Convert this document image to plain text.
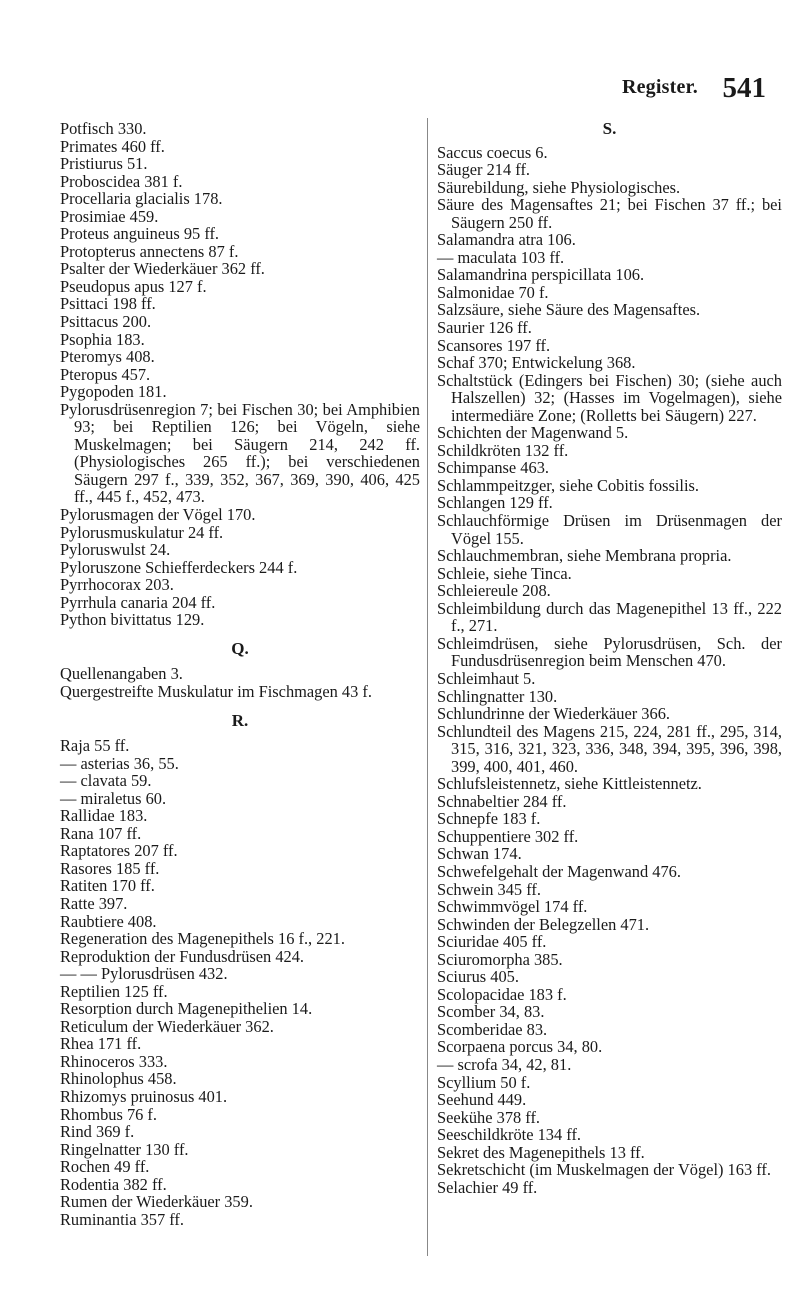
Register. 541

Potfisch 330.

Primates 460 ff.

Pristiurus 51.

Proboscidea 381 f.

Procellaria glacialis 178.

Prosimiae 459.

Proteus anguineus 95 ff.

Protopterus annectens 87 f.

Psalter der Wiederkäuer 362 ff.

Pseudopus apus 127 f.

Psittaci 198 ff.

Psittacus 200.

Psophia 183.

Pteromys 408.

Pteropus 457.

Pygopoden 181.

Pylorusdrüsenregion 7; bei Fischen 30; bei Amphibien 93; bei Reptilien 126; bei Vögeln, siehe Muskelmagen; bei Säugern 214, 242 ff. (Physiologisches 265 ff.); bei verschiedenen Säugern 297 f., 339, 352, 367, 369, 390, 406, 425 ff., 445 f., 452, 473.

Pylorusmagen der Vögel 170.

Pylorusmuskulatur 24 ff.

Pyloruswulst 24.

Pyloruszone Schiefferdeckers 244 f.

Pyrrhocorax 203.

Pyrrhula canaria 204 ff.

Python bivittatus 129.

Q.

Quellenangaben 3.

Quergestreifte Muskulatur im Fischmagen 43 f.

R.

Raja 55 ff.

— asterias 36, 55.

— clavata 59.

— miraletus 60.

Rallidae 183.

Rana 107 ff.

Raptatores 207 ff.

Rasores 185 ff.

Ratiten 170 ff.

Ratte 397.

Raubtiere 408.

Regeneration des Magenepithels 16 f., 221.

Reproduktion der Fundusdrüsen 424.

— — Pylorusdrüsen 432.

Reptilien 125 ff.

Resorption durch Magenepithelien 14.

Reticulum der Wiederkäuer 362.

Rhea 171 ff.

Rhinoceros 333.

Rhinolophus 458.

Rhizomys pruinosus 401.

Rhombus 76 f.

Rind 369 f.

Ringelnatter 130 ff.

Rochen 49 ff.

Rodentia 382 ff.

Rumen der Wiederkäuer 359.

Ruminantia 357 ff.

S.

Saccus coecus 6.

Säuger 214 ff.

Säurebildung, siehe Physiologisches.

Säure des Magensaftes 21; bei Fischen 37 ff.; bei Säugern 250 ff.

Salamandra atra 106.

— maculata 103 ff.

Salamandrina perspicillata 106.

Salmonidae 70 f.

Salzsäure, siehe Säure des Magensaftes.

Saurier 126 ff.

Scansores 197 ff.

Schaf 370; Entwickelung 368.

Schaltstück (Edingers bei Fischen) 30; (siehe auch Halszellen) 32; (Hasses im Vogelmagen), siehe intermediäre Zone; (Rolletts bei Säugern) 227.

Schichten der Magenwand 5.

Schildkröten 132 ff.

Schimpanse 463.

Schlammpeitzger, siehe Cobitis fossilis.

Schlangen 129 ff.

Schlauchförmige Drüsen im Drüsenmagen der Vögel 155.

Schlauchmembran, siehe Membrana propria.

Schleie, siehe Tinca.

Schleiereule 208.

Schleimbildung durch das Magenepithel 13 ff., 222 f., 271.

Schleimdrüsen, siehe Pylorusdrüsen, Sch. der Fundusdrüsenregion beim Menschen 470.

Schleimhaut 5.

Schlingnatter 130.

Schlundrinne der Wiederkäuer 366.

Schlundteil des Magens 215, 224, 281 ff., 295, 314, 315, 316, 321, 323, 336, 348, 394, 395, 396, 398, 399, 400, 401, 460.

Schlufsleistennetz, siehe Kittleistennetz.

Schnabeltier 284 ff.

Schnepfe 183 f.

Schuppentiere 302 ff.

Schwan 174.

Schwefelgehalt der Magenwand 476.

Schwein 345 ff.

Schwimmvögel 174 ff.

Schwinden der Belegzellen 471.

Sciuridae 405 ff.

Sciuromorpha 385.

Sciurus 405.

Scolopacidae 183 f.

Scomber 34, 83.

Scomberidae 83.

Scorpaena porcus 34, 80.

— scrofa 34, 42, 81.

Scyllium 50 f.

Seehund 449.

Seekühe 378 ff.

Seeschildkröte 134 ff.

Sekret des Magenepithels 13 ff.

Sekretschicht (im Muskelmagen der Vögel) 163 ff.

Selachier 49 ff.
